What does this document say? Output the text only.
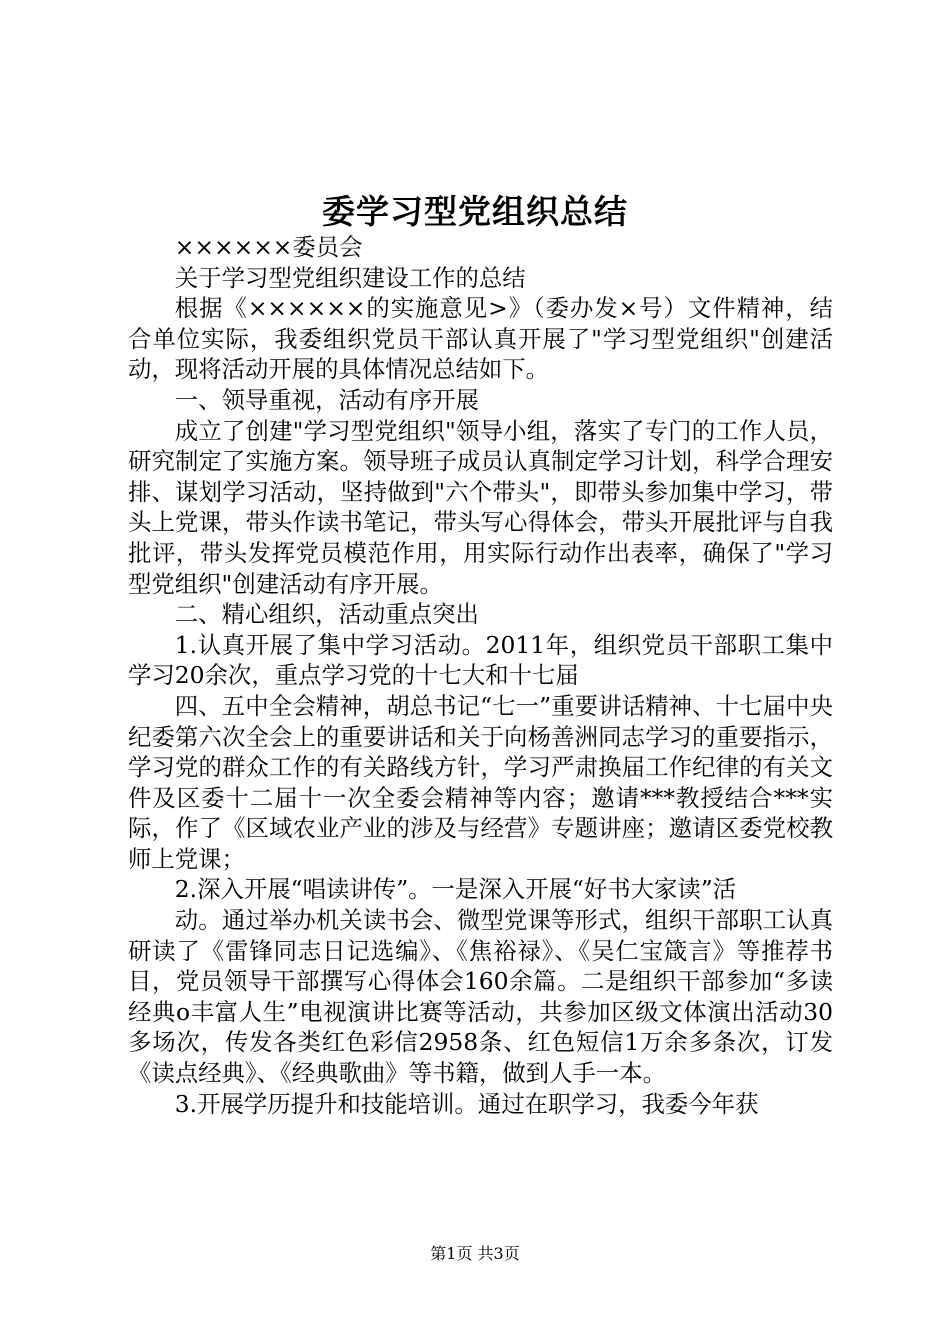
委学习型党组织总结

××××××委员会

关于学习型党组织建设工作的总结

根据《××××××的实施意见>》（委办发×号）文件精神，结合单位实际，我委组织党员干部认真开展了"学习型党组织"创建活动，现将活动开展的具体情况总结如下。

一、领导重视，活动有序开展

成立了创建"学习型党组织"领导小组，落实了专门的工作人员，研究制定了实施方案。领导班子成员认真制定学习计划，科学合理安排、谋划学习活动，坚持做到"六个带头"，即带头参加集中学习，带头上党课，带头作读书笔记，带头写心得体会，带头开展批评与自我批评，带头发挥党员模范作用，用实际行动作出表率，确保了"学习型党组织"创建活动有序开展。

二、精心组织，活动重点突出

1.认真开展了集中学习活动。2011年，组织党员干部职工集中学习20余次，重点学习党的十七大和十七届

四、五中全会精神，胡总书记“七一”重要讲话精神、十七届中央纪委第六次全会上的重要讲话和关于向杨善洲同志学习的重要指示，学习党的群众工作的有关路线方针，学习严肃换届工作纪律的有关文件及区委十二届十一次全委会精神等内容；邀请***教授结合***实际，作了《区域农业产业的涉及与经营》专题讲座；邀请区委党校教师上党课；

2.深入开展“唱读讲传”。一是深入开展“好书大家读”活

动。通过举办机关读书会、微型党课等形式，组织干部职工认真研读了《雷锋同志日记选编》、《焦裕禄》、《吴仁宝箴言》等推荐书目，党员领导干部撰写心得体会160余篇。二是组织干部参加“多读经典o丰富人生”电视演讲比赛等活动，共参加区级文体演出活动30多场次，传发各类红色彩信2958条、红色短信1万余多条次，订发《读点经典》、《经典歌曲》等书籍，做到人手一本。

3.开展学历提升和技能培训。通过在职学习，我委今年获

第1页 共3页
